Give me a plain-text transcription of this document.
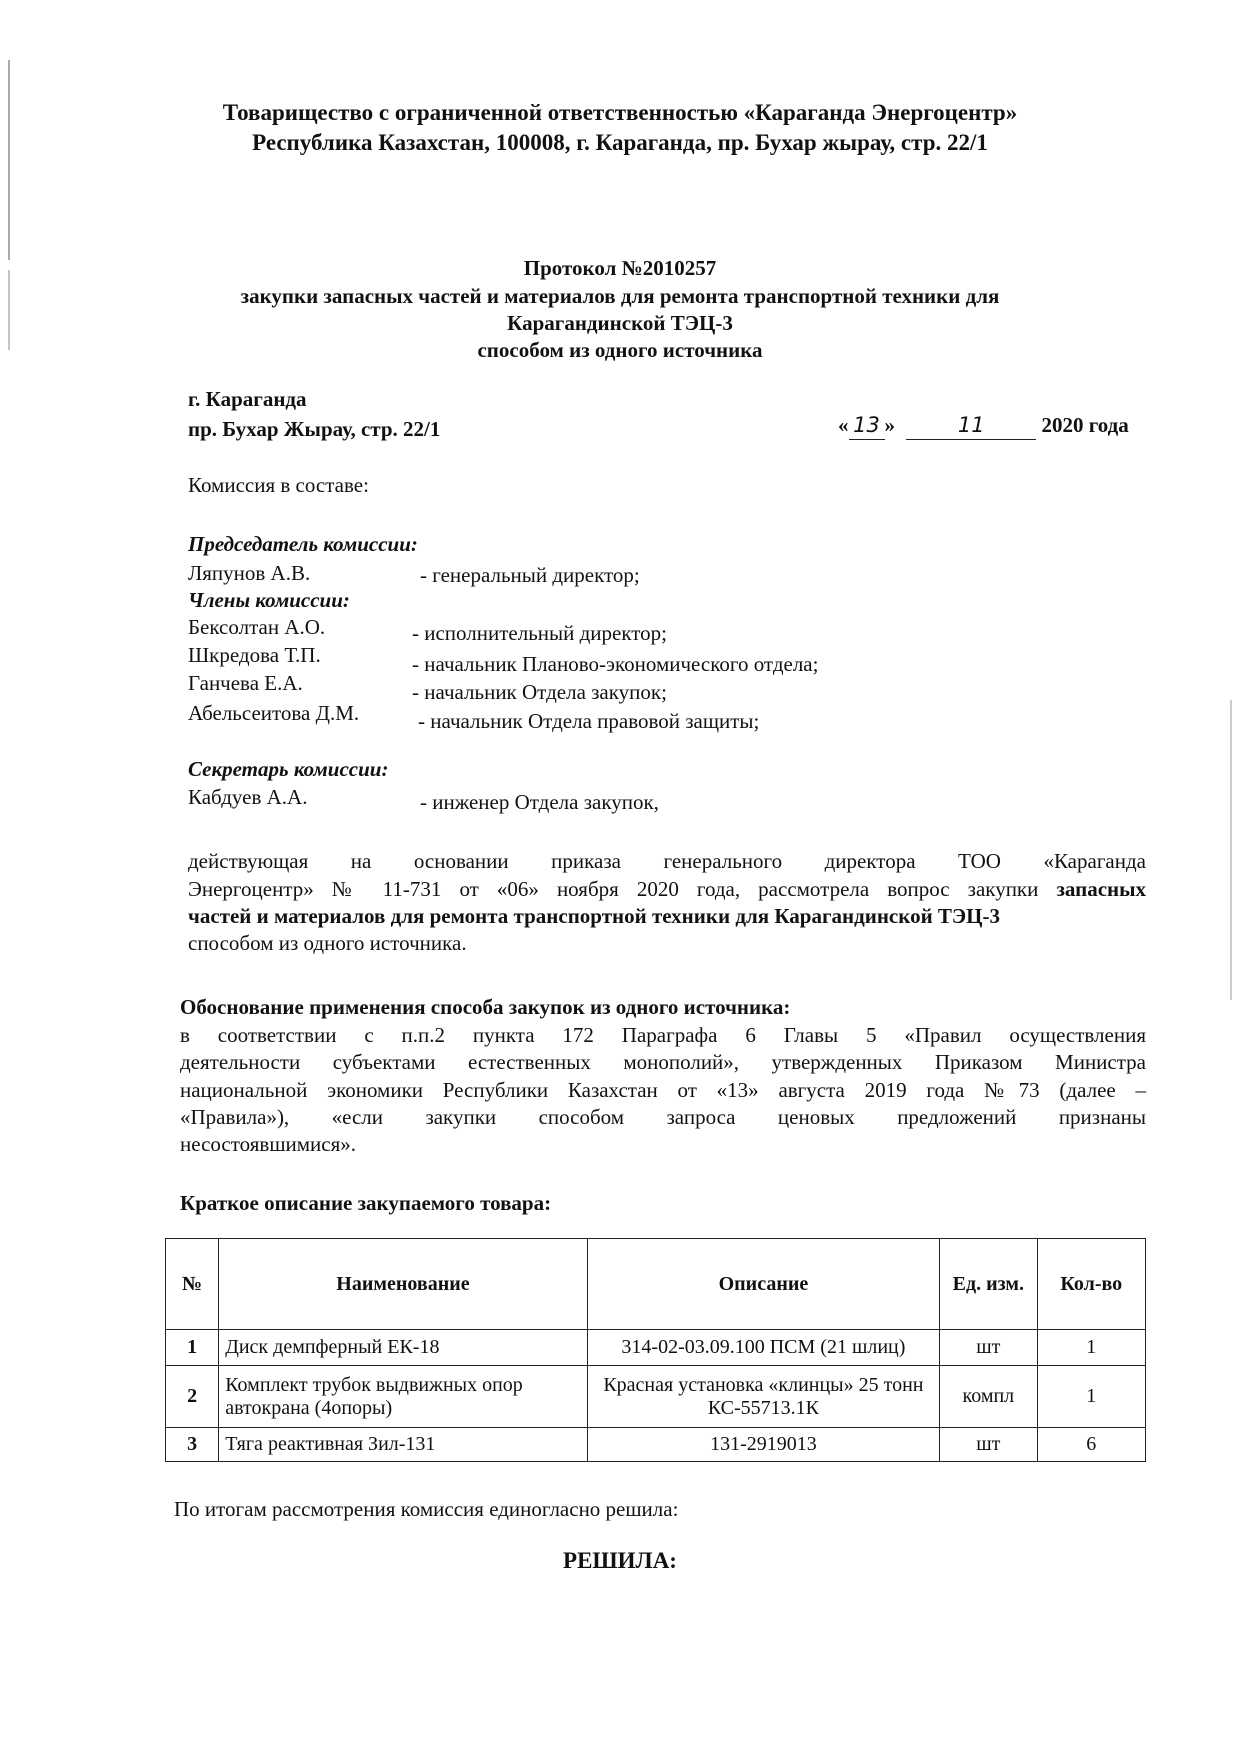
Товарищество с ограниченной ответственностью «Караганда Энергоцентр»
Республика Казахстан, 100008, г. Караганда, пр. Бухар жырау, стр. 22/1
Протокол №2010257
закупки запасных частей и материалов для ремонта транспортной техники для
Карагандинской ТЭЦ-3
способом из одного источника
г. Караганда
пр. Бухар Жырау, стр. 22/1	« 13 »	11	2020 года
Комиссия в составе:
Председатель комиссии:
Ляпунов А.В.	- генеральный директор;
Члены комиссии:
Бексолтан А.О.	- исполнительный директор;
Шкредова Т.П.	- начальник Планово-экономического отдела;
Ганчева Е.А.	- начальник Отдела закупок;
Абельсеитова Д.М.	- начальник Отдела правовой защиты;
Секретарь комиссии:
Кабдуев А.А.	- инженер Отдела закупок,
действующая на основании приказа генерального директора ТОО «Караганда
Энергоцентр» № 11-731 от «06» ноября 2020 года, рассмотрела вопрос закупки запасных
частей и материалов для ремонта транспортной техники для Карагандинской ТЭЦ-3
способом из одного источника.
Обоснование применения способа закупок из одного источника:
в соответствии с п.п.2 пункта 172 Параграфа 6 Главы 5 «Правил осуществления
деятельности субъектами естественных монополий», утвержденных Приказом Министра
национальной экономики Республики Казахстан от «13» августа 2019 года №73 (далее –
«Правила»), «если закупки способом запроса ценовых предложений признаны
несостоявшимися».
Краткое описание закупаемого товара:
№	Наименование	Описание	Ед. изм.	Кол-во
1	Диск демпферный ЕК-18	314-02-03.09.100 ПСМ (21 шлиц)	шт	1
2	Комплект трубок выдвижных опор автокрана (4опоры)	Красная установка «клинцы» 25 тонн КС-55713.1К	компл	1
3	Тяга реактивная Зил-131	131-2919013	шт	6
По итогам рассмотрения комиссия единогласно решила:
РЕШИЛА:
